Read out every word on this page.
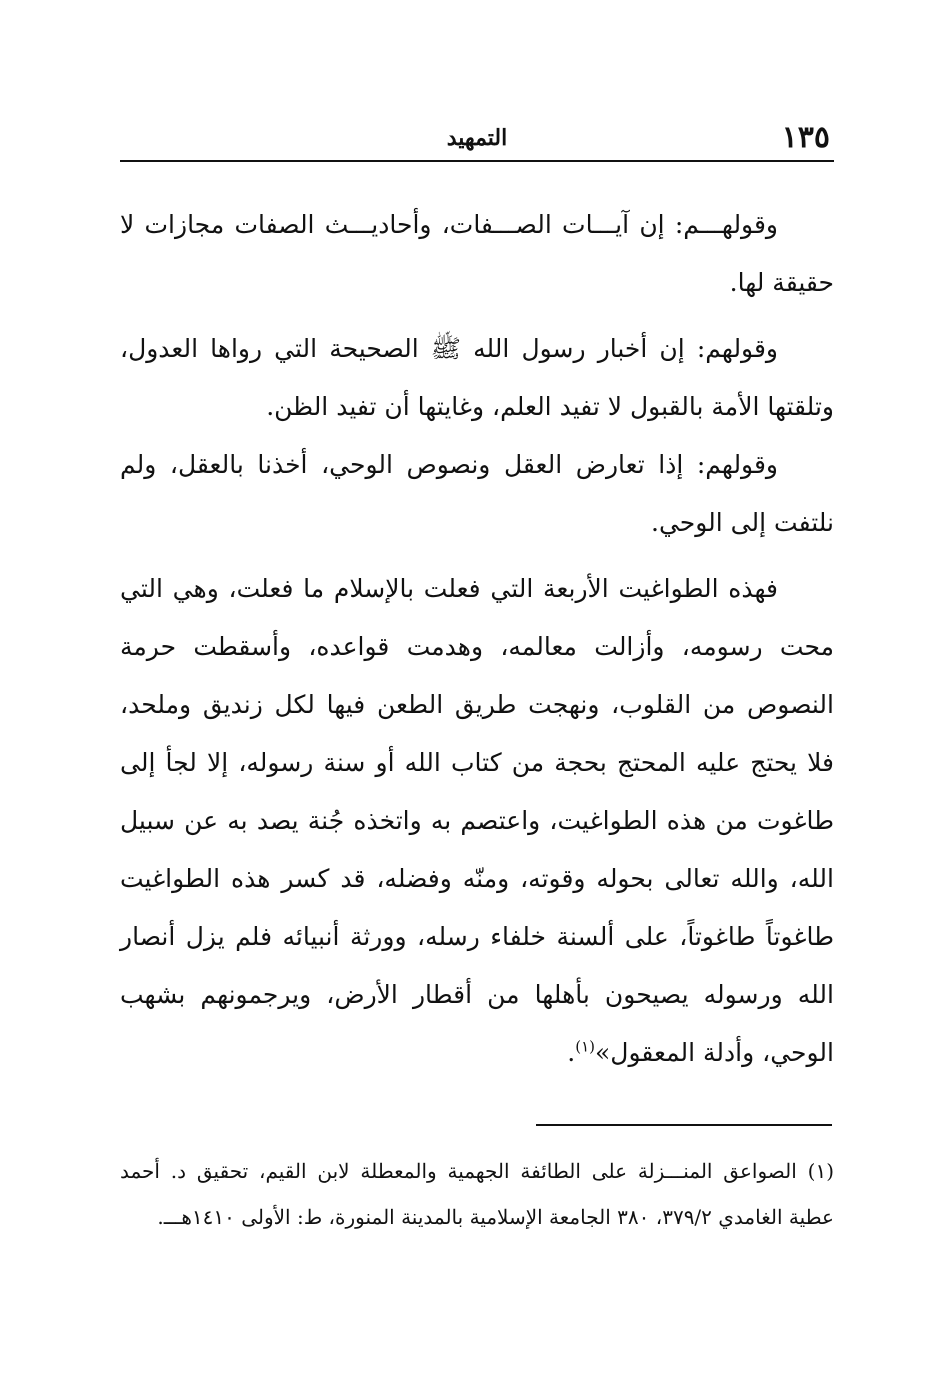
١٣٥
التمهيد

وقولهـــم: إن آيـــات الصـــفات، وأحاديـــث الصفات مجازات لا حقيقة لها.

وقولهم: إن أخبار رسول الله ﷺ الصحيحة التي رواها العدول، وتلقتها الأمة بالقبول لا تفيد العلم، وغايتها أن تفيد الظن.

وقولهم: إذا تعارض العقل ونصوص الوحي، أخذنا بالعقل، ولم نلتفت إلى الوحي.

فهذه الطواغيت الأربعة التي فعلت بالإسلام ما فعلت، وهي التي محت رسومه، وأزالت معالمه، وهدمت قواعده، وأسقطت حرمة النصوص من القلوب، ونهجت طريق الطعن فيها لكل زنديق وملحد، فلا يحتج عليه المحتج بحجة من كتاب الله أو سنة رسوله، إلا لجأ إلى طاغوت من هذه الطواغيت، واعتصم به واتخذه جُنة يصد به عن سبيل الله، والله تعالى بحوله وقوته، ومنّه وفضله، قد كسر هذه الطواغيت طاغوتاً طاغوتاً، على ألسنة خلفاء رسله، وورثة أنبيائه فلم يزل أنصار الله ورسوله يصيحون بأهلها من أقطار الأرض، ويرجمونهم بشهب الوحي، وأدلة المعقول»$^{(١)}$.

(١) الصواعق المنـــزلة على الطائفة الجهمية والمعطلة لابن القيم، تحقيق د. أحمد عطية الغامدي ٣٧٩/٢، ٣٨٠ الجامعة الإسلامية بالمدينة المنورة، ط: الأولى ١٤١٠هـــ.
